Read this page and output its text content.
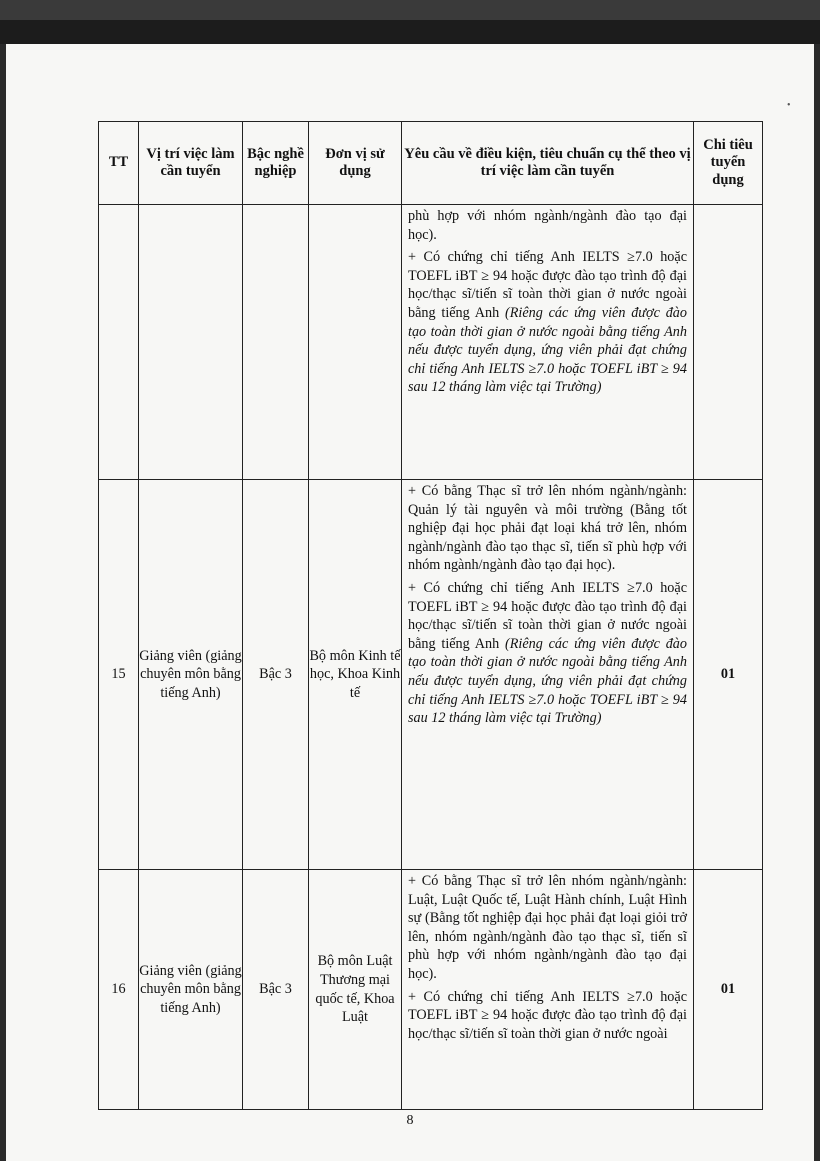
•
TT	Vị trí việc làm cần tuyển	Bậc nghề nghiệp	Đơn vị sử dụng	Yêu cầu về điều kiện, tiêu chuẩn cụ thể theo vị trí việc làm cần tuyển	Chi tiêu tuyển dụng

				phù hợp với nhóm ngành/ngành đào tạo đại học).

+ Có chứng chỉ tiếng Anh IELTS ≥7.0 hoặc TOEFL iBT ≥ 94 hoặc được đào tạo trình độ đại học/thạc sĩ/tiến sĩ toàn thời gian ở nước ngoài bằng tiếng Anh (Riêng các ứng viên được đào tạo toàn thời gian ở nước ngoài bằng tiếng Anh nếu được tuyển dụng, ứng viên phải đạt chứng chỉ tiếng Anh IELTS ≥7.0 hoặc TOEFL iBT ≥ 94 sau 12 tháng làm việc tại Trường)	

15	Giảng viên (giảng chuyên môn bằng tiếng Anh)	Bậc 3	Bộ môn Kinh tế học, Khoa Kinh tế	+ Có bằng Thạc sĩ trở lên nhóm ngành/ngành: Quản lý tài nguyên và môi trường (Bằng tốt nghiệp đại học phải đạt loại khá trở lên, nhóm ngành/ngành đào tạo thạc sĩ, tiến sĩ phù hợp với nhóm ngành/ngành đào tạo đại học).

+ Có chứng chỉ tiếng Anh IELTS ≥7.0 hoặc TOEFL iBT ≥ 94 hoặc được đào tạo trình độ đại học/thạc sĩ/tiến sĩ toàn thời gian ở nước ngoài bằng tiếng Anh (Riêng các ứng viên được đào tạo toàn thời gian ở nước ngoài bằng tiếng Anh nếu được tuyển dụng, ứng viên phải đạt chứng chỉ tiếng Anh IELTS ≥7.0 hoặc TOEFL iBT ≥ 94 sau 12 tháng làm việc tại Trường)	01
16	Giảng viên (giảng chuyên môn bằng tiếng Anh)	Bậc 3	Bộ môn Luật Thương mại quốc tế, Khoa Luật	+ Có bằng Thạc sĩ trở lên nhóm ngành/ngành: Luật, Luật Quốc tế, Luật Hành chính, Luật Hình sự (Bằng tốt nghiệp đại học phải đạt loại giỏi trở lên, nhóm ngành/ngành đào tạo thạc sĩ, tiến sĩ phù hợp với nhóm ngành/ngành đào tạo đại học).

+ Có chứng chỉ tiếng Anh IELTS ≥7.0 hoặc TOEFL iBT ≥ 94 hoặc được đào tạo trình độ đại học/thạc sĩ/tiến sĩ toàn thời gian ở nước ngoài	01
8
